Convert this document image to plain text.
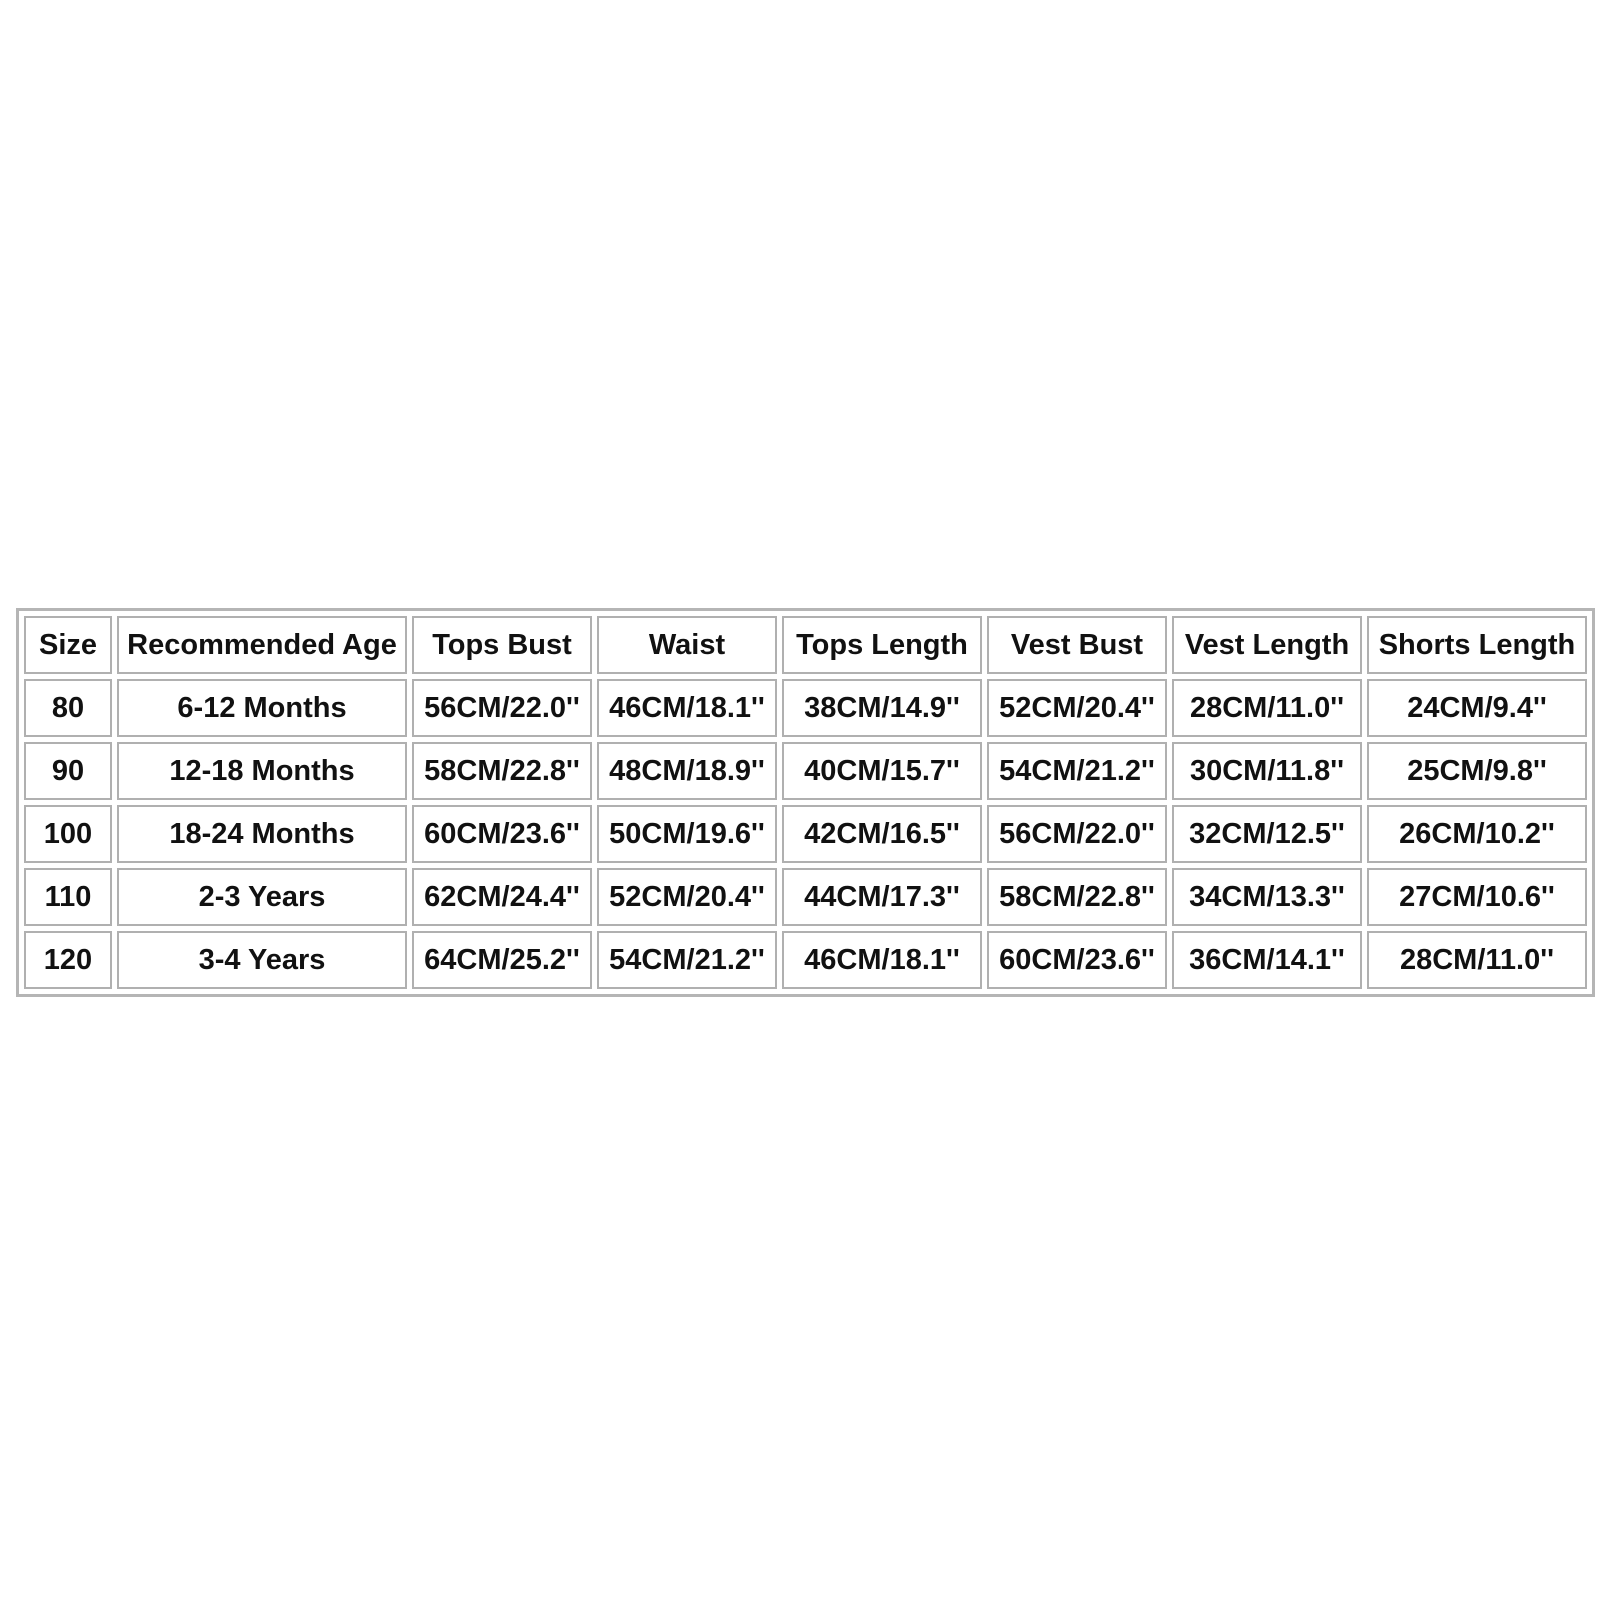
Size	Recommended Age	Tops Bust	Waist	Tops Length	Vest Bust	Vest Length	Shorts Length
80	6-12 Months	56CM/22.0''	46CM/18.1''	38CM/14.9''	52CM/20.4''	28CM/11.0''	24CM/9.4''
90	12-18 Months	58CM/22.8''	48CM/18.9''	40CM/15.7''	54CM/21.2''	30CM/11.8''	25CM/9.8''
100	18-24 Months	60CM/23.6''	50CM/19.6''	42CM/16.5''	56CM/22.0''	32CM/12.5''	26CM/10.2''
110	2-3 Years	62CM/24.4''	52CM/20.4''	44CM/17.3''	58CM/22.8''	34CM/13.3''	27CM/10.6''
120	3-4 Years	64CM/25.2''	54CM/21.2''	46CM/18.1''	60CM/23.6''	36CM/14.1''	28CM/11.0''
